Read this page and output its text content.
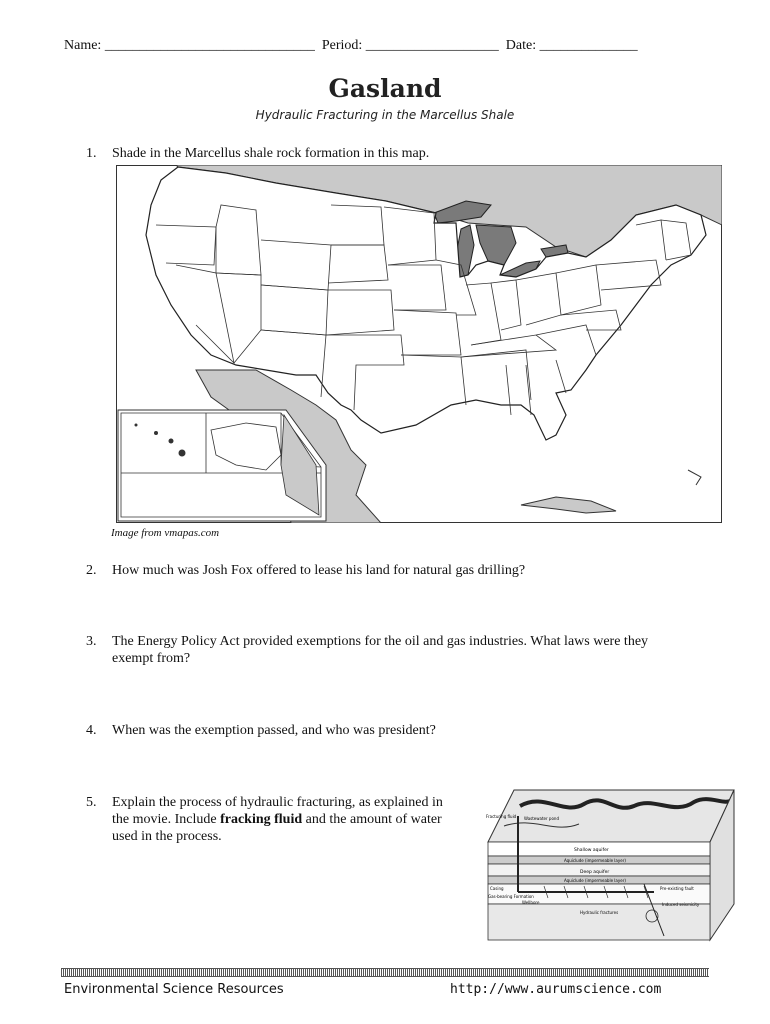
Name: ______________________________ Period: ___________________ Date: ______________
Gasland
Hydraulic Fracturing in the Marcellus Shale
1. Shade in the Marcellus shale rock formation in this map.
Image from vmapas.com
2. How much was Josh Fox offered to lease his land for natural gas drilling?
3. The Energy Policy Act provided exemptions for the oil and gas industries. What laws were they
exempt from?
4. When was the exemption passed, and who was president?
5. Explain the process of hydraulic fracturing, as explained in
the movie. Include fracking fluid and the amount of water
used in the process.
Fracturing fluid Wastewater pond
Shallow aquifer
Aquiclude (impermeable layer)
Deep aquifer
Aquiclude (impermeable layer)
Casing
Gas-bearing Formation
Wellbore
Pre-existing fault
Induced seismicity
Hydraulic fractures
Environmental Science Resources	http://www.aurumscience.com
